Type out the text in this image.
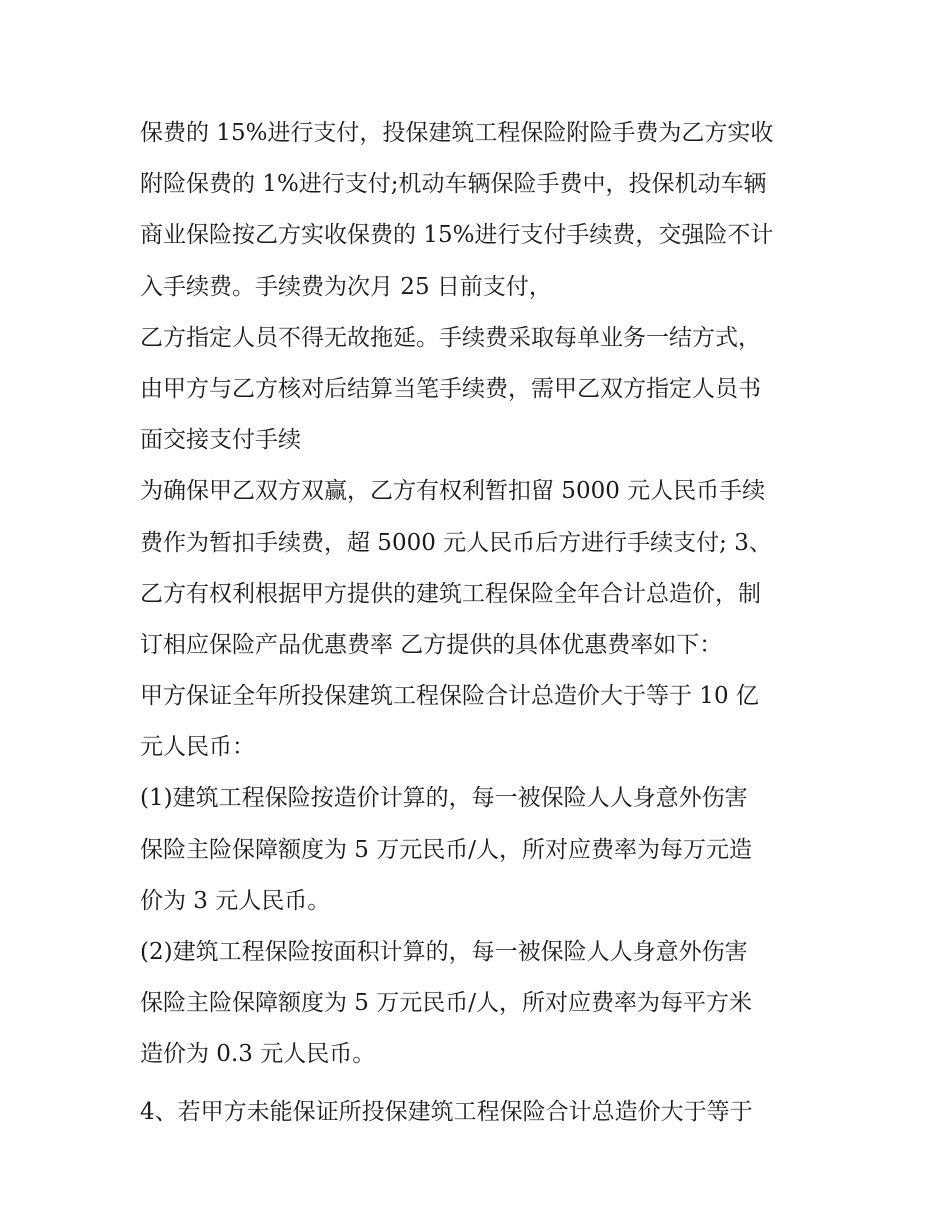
保费的 15%进行支付，投保建筑工程保险附险手费为乙方实收
附险保费的 1%进行支付;机动车辆保险手费中，投保机动车辆
商业保险按乙方实收保费的 15%进行支付手续费，交强险不计
入手续费。手续费为次月 25 日前支付，
乙方指定人员不得无故拖延。手续费采取每单业务一结方式，
由甲方与乙方核对后结算当笔手续费，需甲乙双方指定人员书
面交接支付手续
为确保甲乙双方双赢，乙方有权利暂扣留 5000 元人民币手续
费作为暂扣手续费，超 5000 元人民币后方进行手续支付; 3、
乙方有权利根据甲方提供的建筑工程保险全年合计总造价，制
订相应保险产品优惠费率 乙方提供的具体优惠费率如下：
甲方保证全年所投保建筑工程保险合计总造价大于等于 10 亿
元人民币：
(1)建筑工程保险按造价计算的，每一被保险人人身意外伤害
保险主险保障额度为 5 万元民币/人，所对应费率为每万元造
价为 3 元人民币。
(2)建筑工程保险按面积计算的，每一被保险人人身意外伤害
保险主险保障额度为 5 万元民币/人，所对应费率为每平方米
造价为 0.3 元人民币。
4、若甲方未能保证所投保建筑工程保险合计总造价大于等于
